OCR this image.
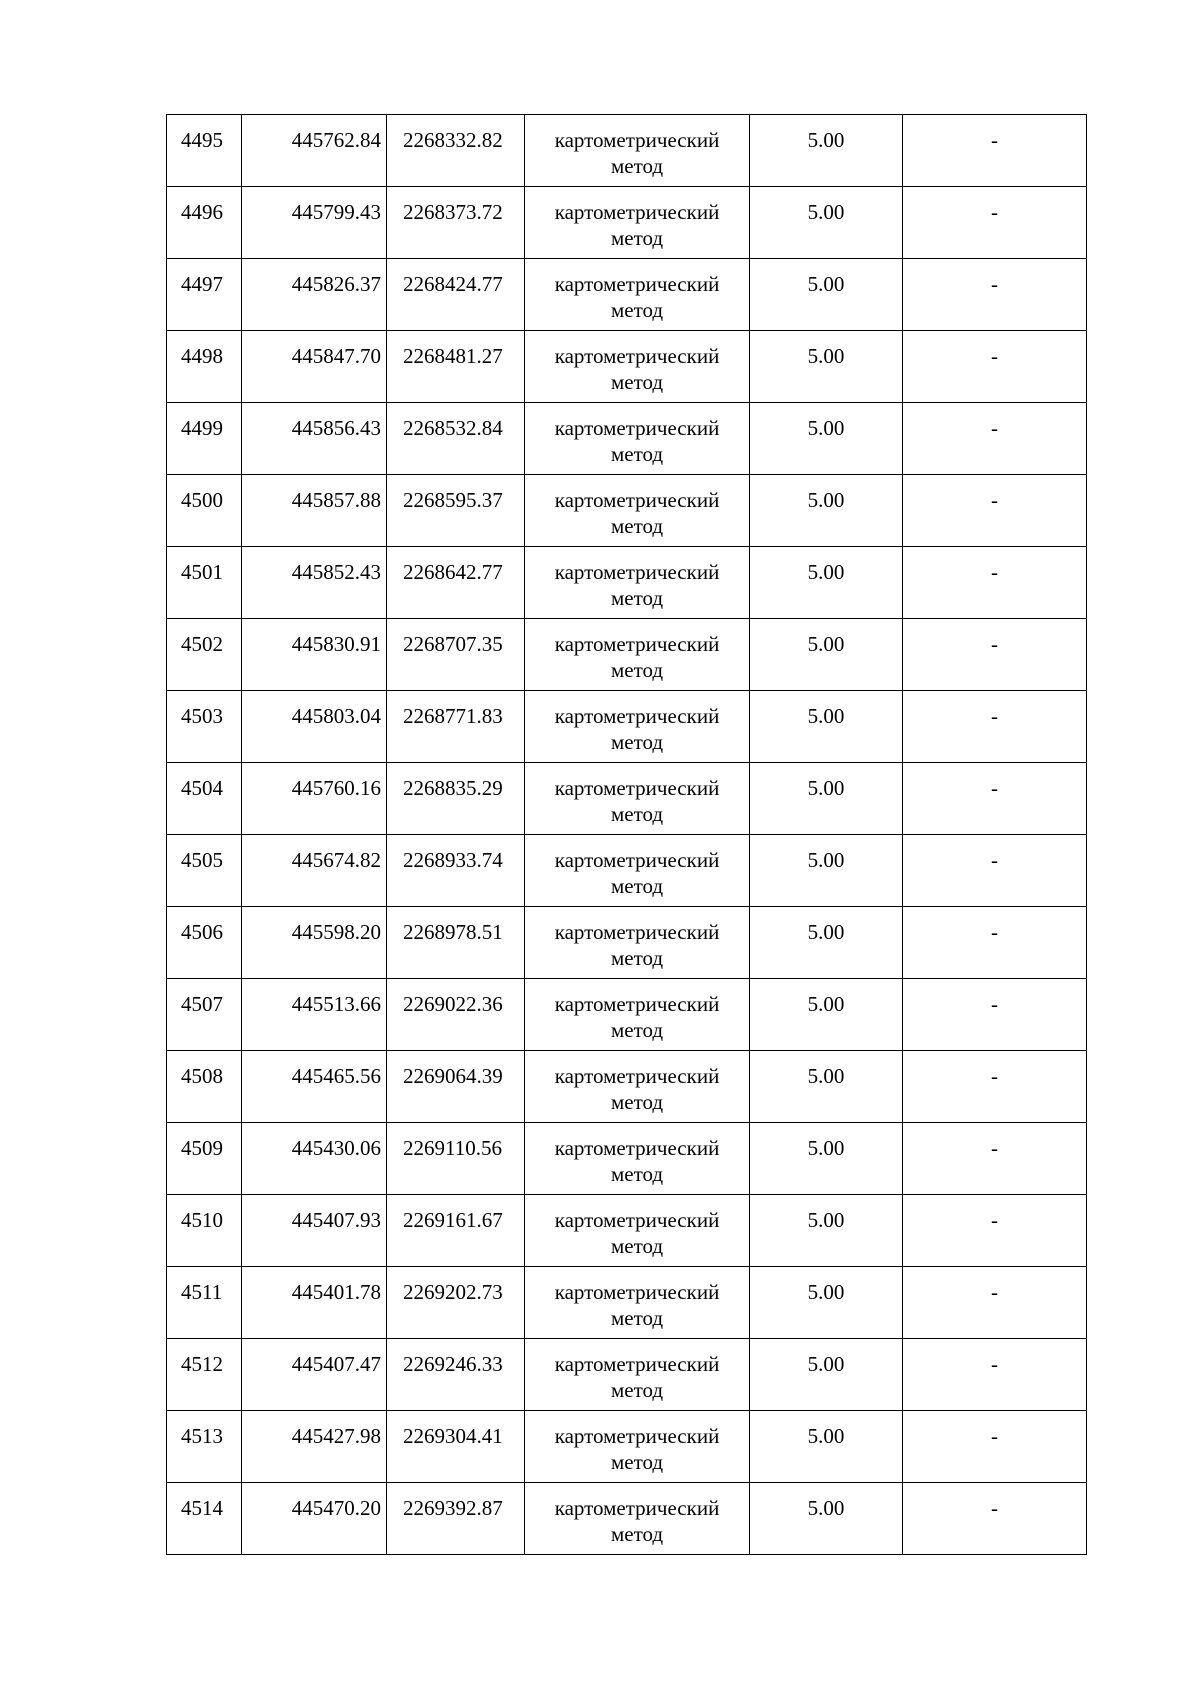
4495	445762.84	2268332.82	картометрический
метод	5.00	-
4496	445799.43	2268373.72	картометрический
метод	5.00	-
4497	445826.37	2268424.77	картометрический
метод	5.00	-
4498	445847.70	2268481.27	картометрический
метод	5.00	-
4499	445856.43	2268532.84	картометрический
метод	5.00	-
4500	445857.88	2268595.37	картометрический
метод	5.00	-
4501	445852.43	2268642.77	картометрический
метод	5.00	-
4502	445830.91	2268707.35	картометрический
метод	5.00	-
4503	445803.04	2268771.83	картометрический
метод	5.00	-
4504	445760.16	2268835.29	картометрический
метод	5.00	-
4505	445674.82	2268933.74	картометрический
метод	5.00	-
4506	445598.20	2268978.51	картометрический
метод	5.00	-
4507	445513.66	2269022.36	картометрический
метод	5.00	-
4508	445465.56	2269064.39	картометрический
метод	5.00	-
4509	445430.06	2269110.56	картометрический
метод	5.00	-
4510	445407.93	2269161.67	картометрический
метод	5.00	-
4511	445401.78	2269202.73	картометрический
метод	5.00	-
4512	445407.47	2269246.33	картометрический
метод	5.00	-
4513	445427.98	2269304.41	картометрический
метод	5.00	-
4514	445470.20	2269392.87	картометрический
метод	5.00	-
